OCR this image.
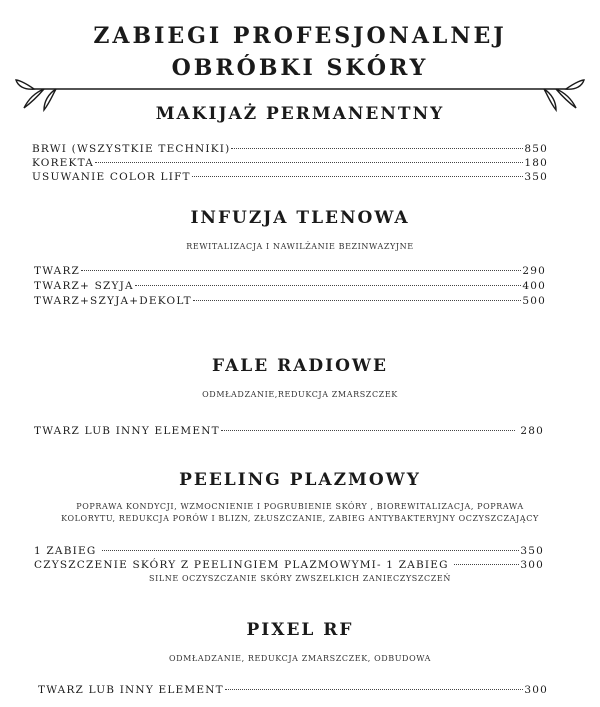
ZABIEGI PROFESJONALNEJ
OBRÓBKI SKÓRY
MAKIJAŻ PERMANENTNY
BRWI (WSZYSTKIE TECHNIKI)	850
KOREKTA	180
USUWANIE COLOR LIFT	350
INFUZJA TLENOWA
REWITALIZACJA I NAWILŻANIE BEZINWAZYJNE
TWARZ	290
TWARZ+ SZYJA	400
TWARZ+SZYJA+DEKOLT	500
FALE RADIOWE
ODMŁADZANIE,REDUKCJA ZMARSZCZEK
TWARZ LUB INNY ELEMENT	280
PEELING PLAZMOWY
POPRAWA KONDYCJI, WZMOCNIENIE I POGRUBIENIE SKÓRY , BIOREWITALIZACJA, POPRAWA
KOLORYTU, REDUKCJA PORÓW I BLIZN, ZŁUSZCZANIE, ZABIEG ANTYBAKTERYJNY OCZYSZCZAJĄCY
1 ZABIEG	350
CZYSZCZENIE SKÓRY Z PEELINGIEM PLAZMOWYMI- 1 ZABIEG	300
SILNE OCZYSZCZANIE SKÓRY ZWSZELKICH ZANIECZYSZCZEŃ
PIXEL RF
ODMŁADZANIE, REDUKCJA ZMARSZCZEK, ODBUDOWA
TWARZ LUB INNY ELEMENT	300
